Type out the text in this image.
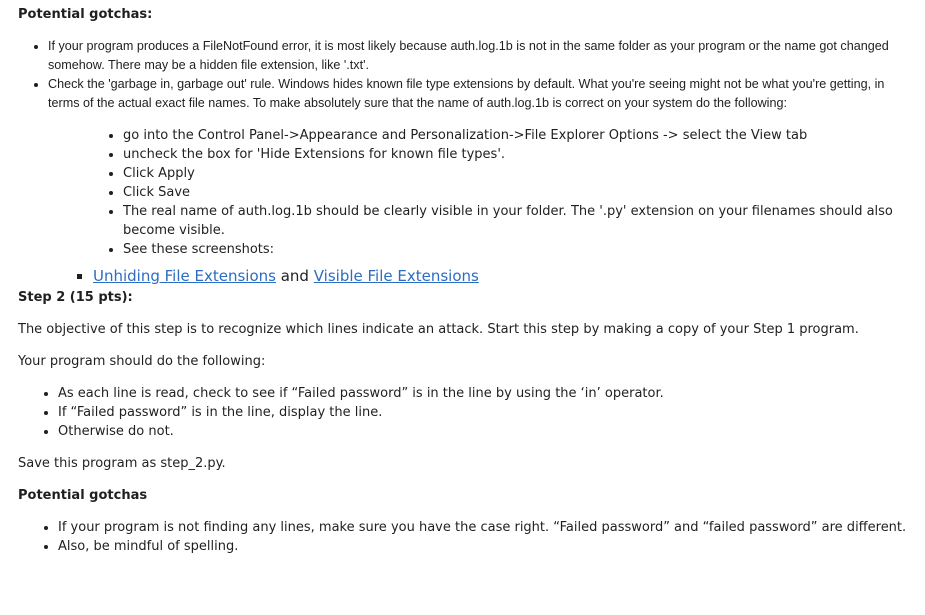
Potential gotchas:

• If your program produces a FileNotFound error, it is most likely because auth.log.1b is not in the same folder as your program or the name got changed somehow. There may be a hidden file extension, like '.txt'.
• Check the 'garbage in, garbage out' rule. Windows hides known file type extensions by default. What you're seeing might not be what you're getting, in terms of the actual exact file names. To make absolutely sure that the name of auth.log.1b is correct on your system do the following:
• go into the Control Panel->Appearance and Personalization->File Explorer Options -> select the View tab
• uncheck the box for 'Hide Extensions for known file types'.
• Click Apply
• Click Save
• The real name of auth.log.1b should be clearly visible in your folder. The '.py' extension on your filenames should also become visible.
• See these screenshots:
▪ Unhiding File Extensions and Visible File Extensions

Step 2 (15 pts):

The objective of this step is to recognize which lines indicate an attack. Start this step by making a copy of your Step 1 program.

Your program should do the following:

• As each line is read, check to see if “Failed password” is in the line by using the ‘in’ operator.
• If “Failed password” is in the line, display the line.
• Otherwise do not.

Save this program as step_2.py.

Potential gotchas

• If your program is not finding any lines, make sure you have the case right. “Failed password” and “failed password” are different.
• Also, be mindful of spelling.
